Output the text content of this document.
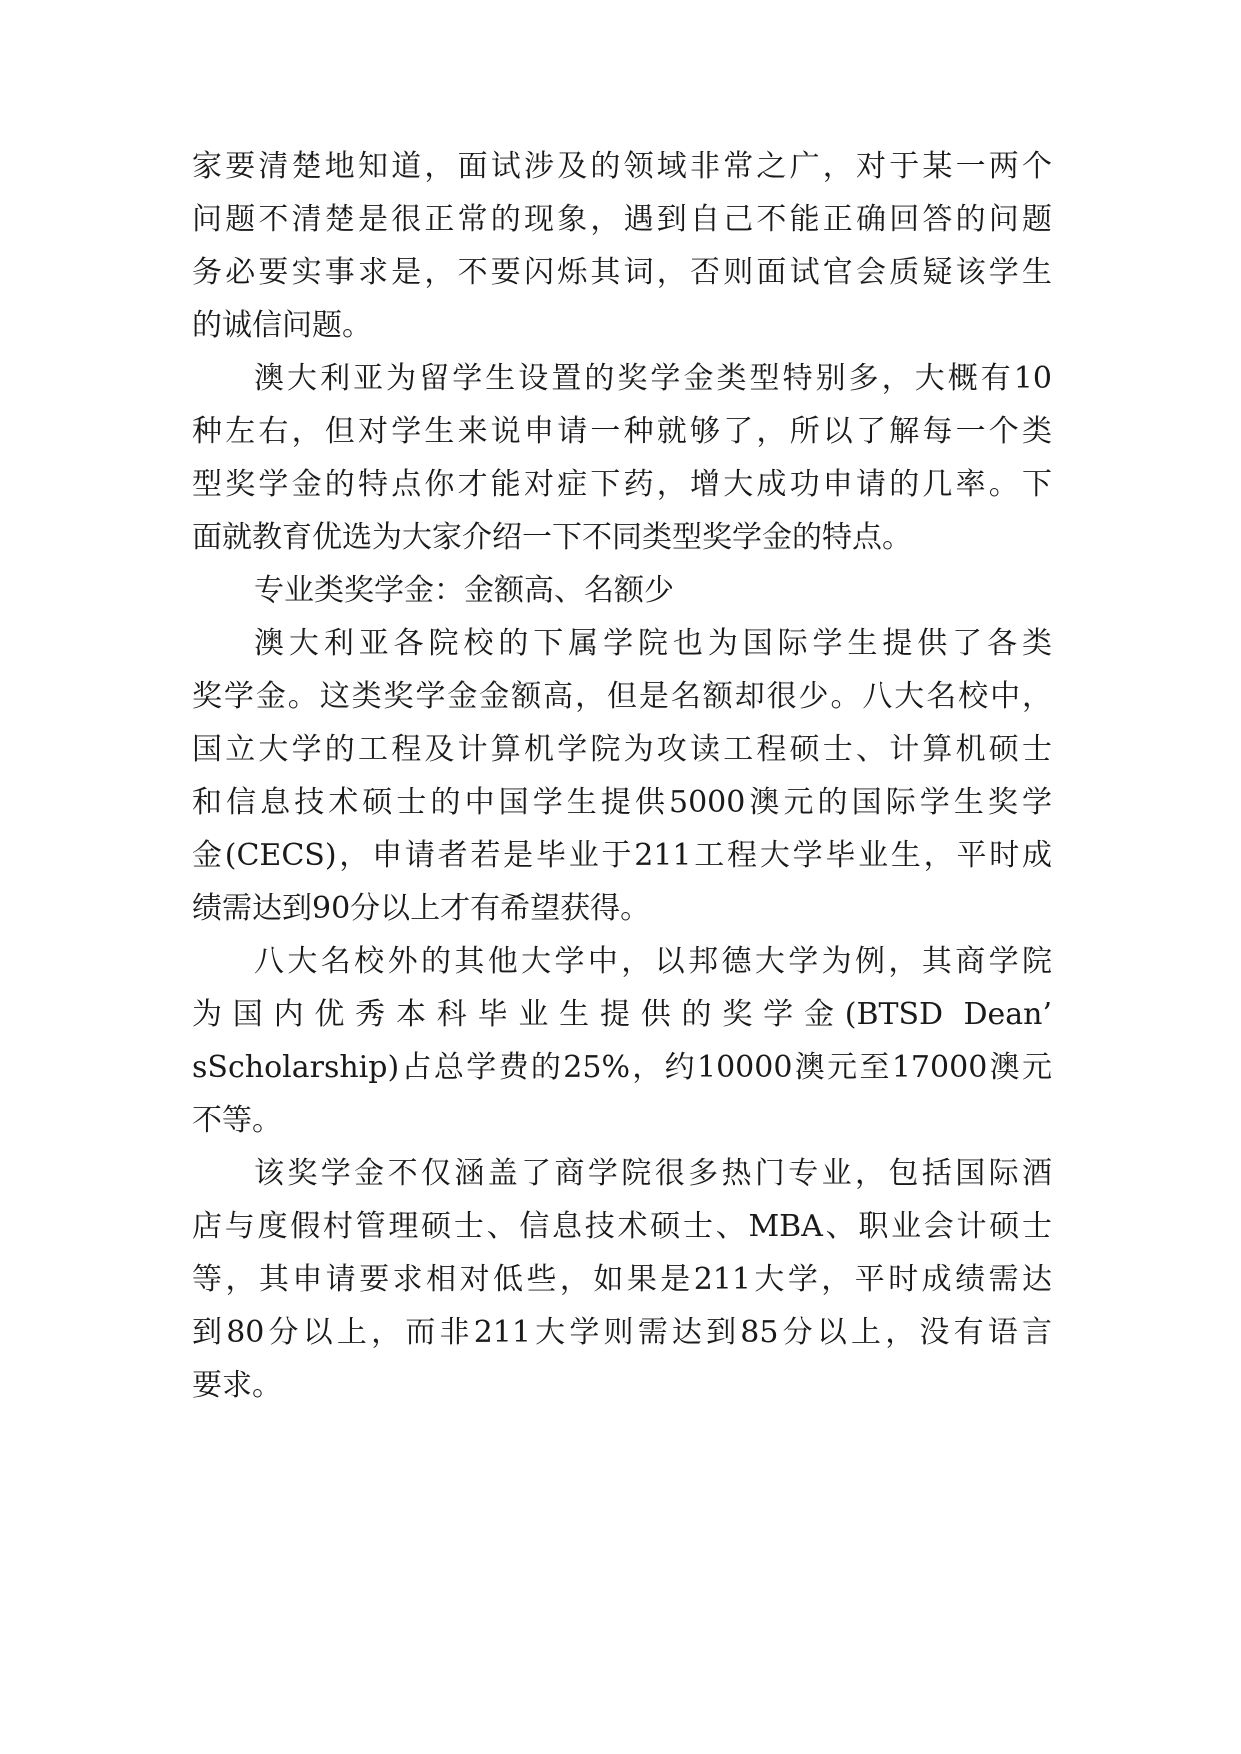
家要清楚地知道，面试涉及的领域非常之广，对于某一两个
问题不清楚是很正常的现象，遇到自己不能正确回答的问题
务必要实事求是，不要闪烁其词，否则面试官会质疑该学生
的诚信问题。
澳大利亚为留学生设置的奖学金类型特别多，大概有10
种左右，但对学生来说申请一种就够了，所以了解每一个类
型奖学金的特点你才能对症下药，增大成功申请的几率。下
面就教育优选为大家介绍一下不同类型奖学金的特点。
专业类奖学金：金额高、名额少
澳大利亚各院校的下属学院也为国际学生提供了各类
奖学金。这类奖学金金额高，但是名额却很少。八大名校中，
国立大学的工程及计算机学院为攻读工程硕士、计算机硕士
和信息技术硕士的中国学生提供5000澳元的国际学生奖学
金(CECS)，申请者若是毕业于211工程大学毕业生，平时成
绩需达到90分以上才有希望获得。
八大名校外的其他大学中，以邦德大学为例，其商学院
为国内优秀本科毕业生提供的奖学金(BTSD Dean’
sScholarship)占总学费的25%，约10000澳元至17000澳元
不等。
该奖学金不仅涵盖了商学院很多热门专业，包括国际酒
店与度假村管理硕士、信息技术硕士、MBA、职业会计硕士
等，其申请要求相对低些，如果是211大学，平时成绩需达
到80分以上，而非211大学则需达到85分以上，没有语言
要求。
